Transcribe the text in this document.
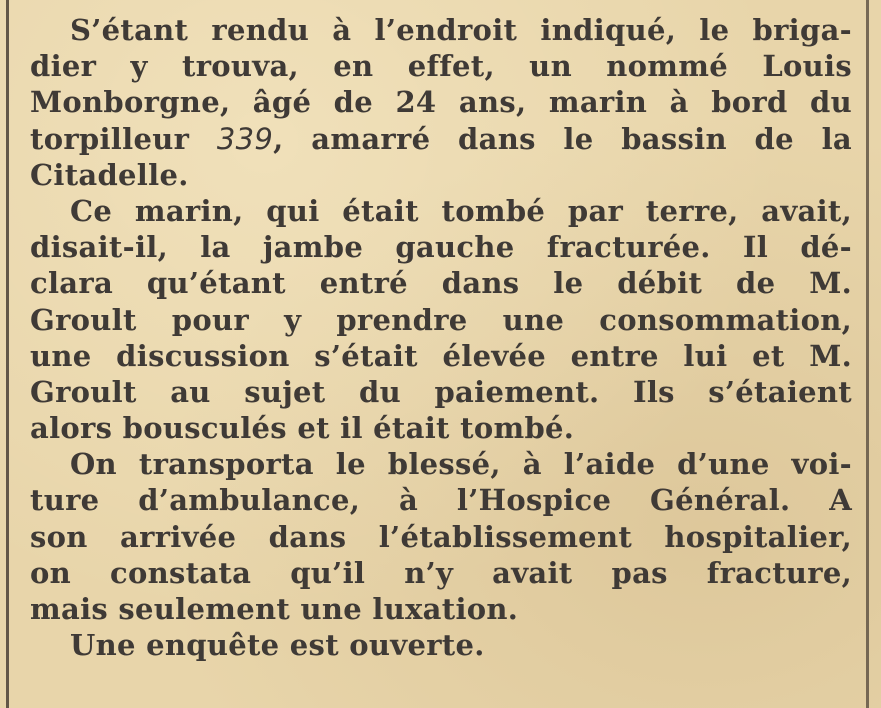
S’étant rendu à l’endroit indiqué, le briga-
dier y trouva, en effet, un nommé Louis
Monborgne, âgé de 24 ans, marin à bord du
torpilleur 339, amarré dans le bassin de la
Citadelle.
Ce marin, qui était tombé par terre, avait,
disait-il, la jambe gauche fracturée. Il dé-
clara qu’étant entré dans le débit de M.
Groult pour y prendre une consommation,
une discussion s’était élevée entre lui et M.
Groult au sujet du paiement. Ils s’étaient
alors bousculés et il était tombé.
On transporta le blessé, à l’aide d’une voi-
ture d’ambulance, à l’Hospice Général. A
son arrivée dans l’établissement hospitalier,
on constata qu’il n’y avait pas fracture,
mais seulement une luxation.
Une enquête est ouverte.
